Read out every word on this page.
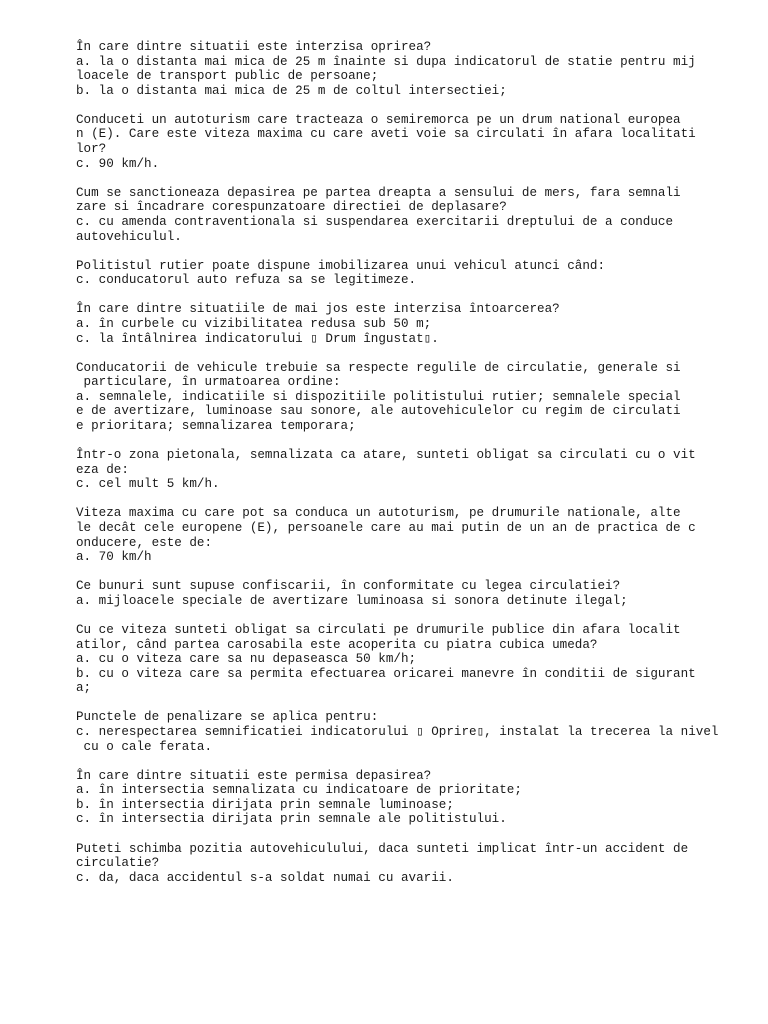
În care dintre situatii este interzisa oprirea?
a. la o distanta mai mica de 25 m înainte si dupa indicatorul de statie pentru mij
loacele de transport public de persoane;
b. la o distanta mai mica de 25 m de coltul intersectiei;
Conduceti un autoturism care tracteaza o semiremorca pe un drum national europea
n (E). Care este viteza maxima cu care aveti voie sa circulati în afara localitati
lor?
c. 90 km/h.
Cum se sanctioneaza depasirea pe partea dreapta a sensului de mers, fara semnali
zare si încadrare corespunzatoare directiei de deplasare?
c. cu amenda contraventionala si suspendarea exercitarii dreptului de a conduce
autovehiculul.
Politistul rutier poate dispune imobilizarea unui vehicul atunci când:
c. conducatorul auto refuza sa se legitimeze.
În care dintre situatiile de mai jos este interzisa întoarcerea?
a. în curbele cu vizibilitatea redusa sub 50 m;
c. la întâlnirea indicatorului ▯ Drum îngustat▯.
Conducatorii de vehicule trebuie sa respecte regulile de circulatie, generale si
particulare, în urmatoarea ordine:
a. semnalele, indicatiile si dispozitiile politistului rutier; semnalele special
e de avertizare, luminoase sau sonore, ale autovehiculelor cu regim de circulati
e prioritara; semnalizarea temporara;
Într-o zona pietonala, semnalizata ca atare, sunteti obligat sa circulati cu o vit
eza de:
c. cel mult 5 km/h.
Viteza maxima cu care pot sa conduca un autoturism, pe drumurile nationale, alte
le decât cele europene (E), persoanele care au mai putin de un an de practica de c
onducere, este de:
a. 70 km/h
Ce bunuri sunt supuse confiscarii, în conformitate cu legea circulatiei?
a. mijloacele speciale de avertizare luminoasa si sonora detinute ilegal;
Cu ce viteza sunteti obligat sa circulati pe drumurile publice din afara localit
atilor, când partea carosabila este acoperita cu piatra cubica umeda?
a. cu o viteza care sa nu depaseasca 50 km/h;
b. cu o viteza care sa permita efectuarea oricarei manevre în conditii de sigurant
a;
Punctele de penalizare se aplica pentru:
c. nerespectarea semnificatiei indicatorului ▯ Oprire▯, instalat la trecerea la nivel
cu o cale ferata.
În care dintre situatii este permisa depasirea?
a. în intersectia semnalizata cu indicatoare de prioritate;
b. în intersectia dirijata prin semnale luminoase;
c. în intersectia dirijata prin semnale ale politistului.
Puteti schimba pozitia autovehiculului, daca sunteti implicat într-un accident de
circulatie?
c. da, daca accidentul s-a soldat numai cu avarii.
